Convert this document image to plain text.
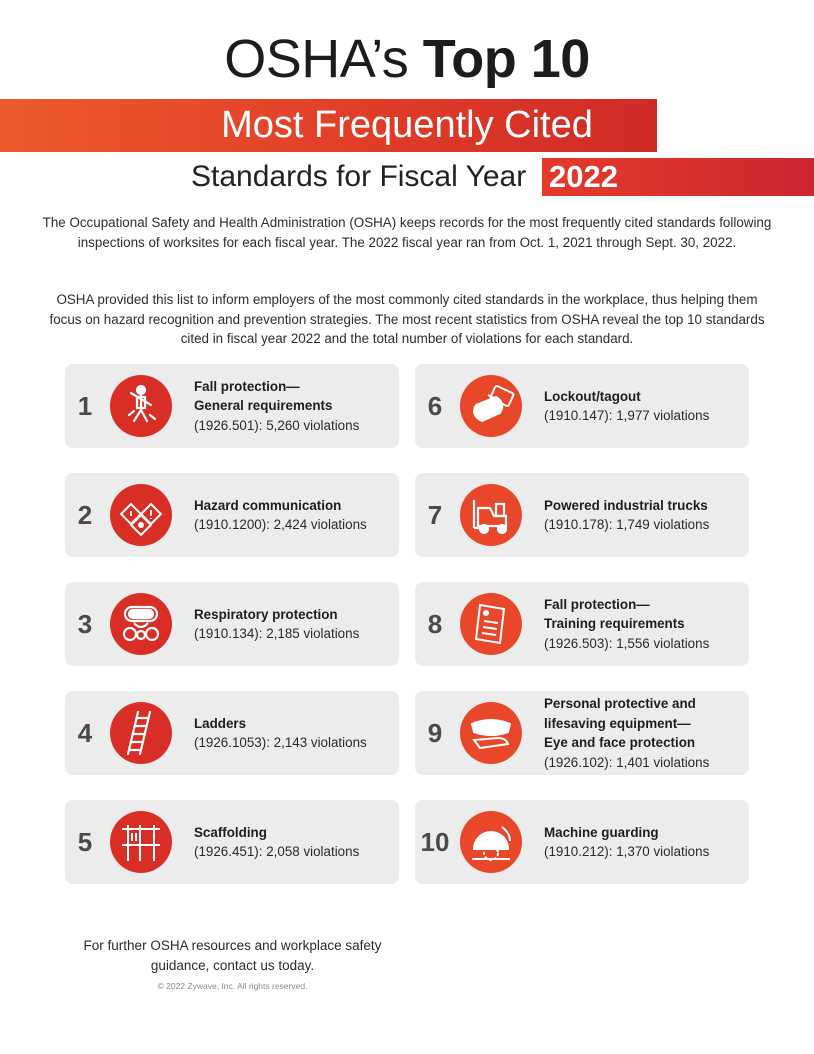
OSHA’s Top 10
Most Frequently Cited
Standards for Fiscal Year 2022

The Occupational Safety and Health Administration (OSHA) keeps records for the most frequently cited standards following inspections of worksites for each fiscal year. The 2022 fiscal year ran from Oct. 1, 2021 through Sept. 30, 2022.

OSHA provided this list to inform employers of the most commonly cited standards in the workplace, thus helping them focus on hazard recognition and prevention strategies. The most recent statistics from OSHA reveal the top 10 standards cited in fiscal year 2022 and the total number of violations for each standard.

1
Fall protection—
General requirements
(1926.501): 5,260 violations
2	Hazard communication
(1910.1200): 2,424 violations
3	Respiratory protection
(1910.134): 2,185 violations
4	Ladders
(1926.1053): 2,143 violations
5	Scaffolding
(1926.451): 2,058 violations
6	Lockout/tagout
(1910.147): 1,977 violations
7	Powered industrial trucks
(1910.178): 1,749 violations
8
Fall protection—
Training requirements
(1926.503): 1,556 violations
9
Personal protective and lifesaving equipment—
Eye and face protection
(1926.102): 1,401 violations
10	Machine guarding
(1910.212): 1,370 violations

For further OSHA resources and workplace safety guidance, contact us today.

© 2022 Zywave, Inc. All rights reserved.
